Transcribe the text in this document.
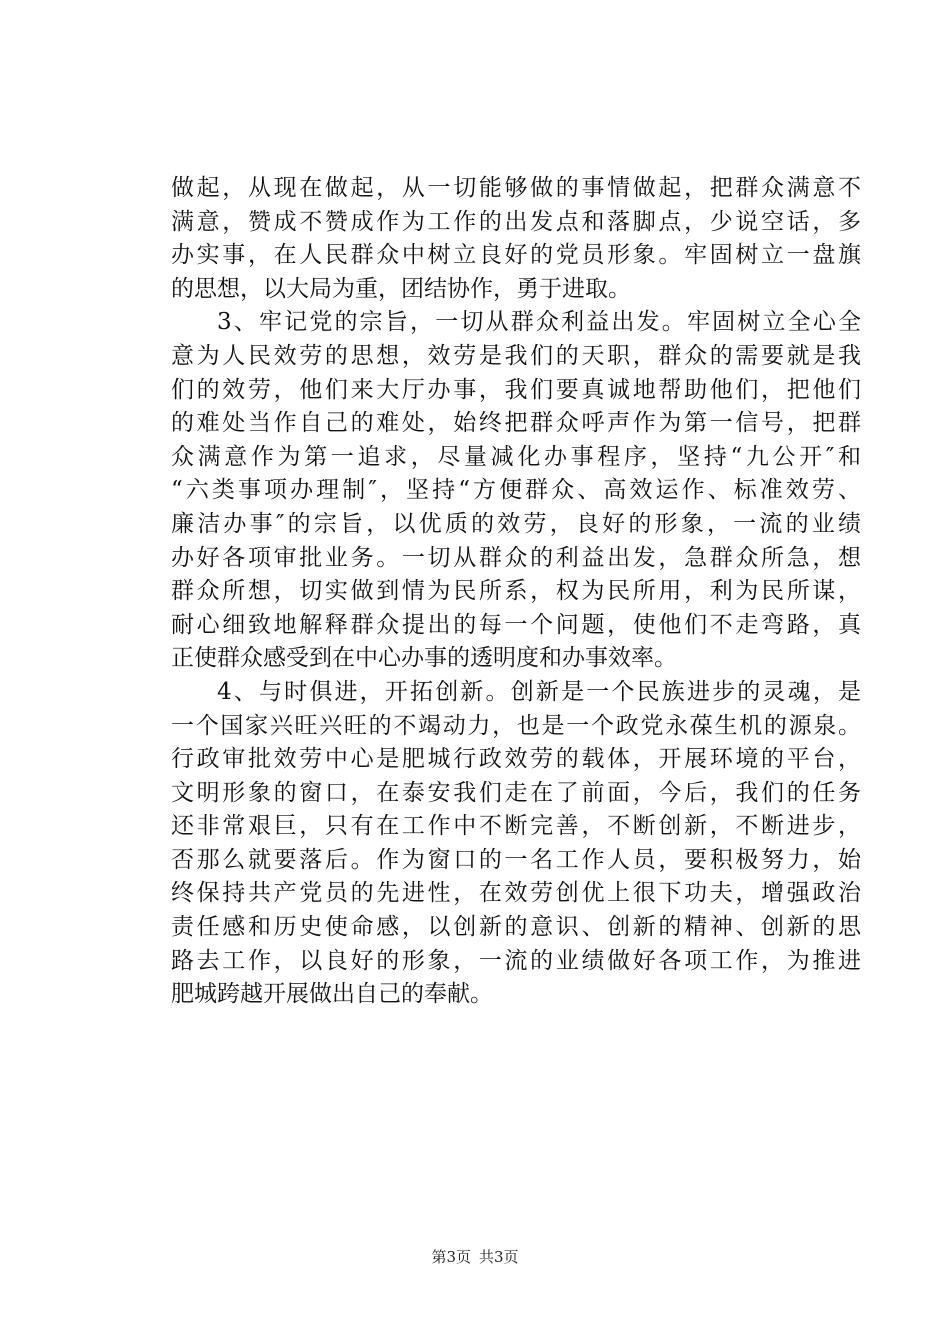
做起，从现在做起，从一切能够做的事情做起，把群众满意不
满意，赞成不赞成作为工作的出发点和落脚点，少说空话，多
办实事，在人民群众中树立良好的党员形象。牢固树立一盘旗
的思想，以大局为重，团结协作，勇于进取。
3、牢记党的宗旨，一切从群众利益出发。牢固树立全心全
意为人民效劳的思想，效劳是我们的天职，群众的需要就是我
们的效劳，他们来大厅办事，我们要真诚地帮助他们，把他们
的难处当作自己的难处，始终把群众呼声作为第一信号，把群
众满意作为第一追求，尽量减化办事程序，坚持“九公开″和
“六类事项办理制″，坚持“方便群众、高效运作、标准效劳、
廉洁办事″的宗旨，以优质的效劳，良好的形象，一流的业绩
办好各项审批业务。一切从群众的利益出发，急群众所急，想
群众所想，切实做到情为民所系，权为民所用，利为民所谋，
耐心细致地解释群众提出的每一个问题，使他们不走弯路，真
正使群众感受到在中心办事的透明度和办事效率。
4、与时俱进，开拓创新。创新是一个民族进步的灵魂，是
一个国家兴旺兴旺的不竭动力，也是一个政党永葆生机的源泉。
行政审批效劳中心是肥城行政效劳的载体，开展环境的平台，
文明形象的窗口，在泰安我们走在了前面，今后，我们的任务
还非常艰巨，只有在工作中不断完善，不断创新，不断进步，
否那么就要落后。作为窗口的一名工作人员，要积极努力，始
终保持共产党员的先进性，在效劳创优上很下功夫，增强政治
责任感和历史使命感，以创新的意识、创新的精神、创新的思
路去工作，以良好的形象，一流的业绩做好各项工作，为推进
肥城跨越开展做出自己的奉献。
第3页 共3页
